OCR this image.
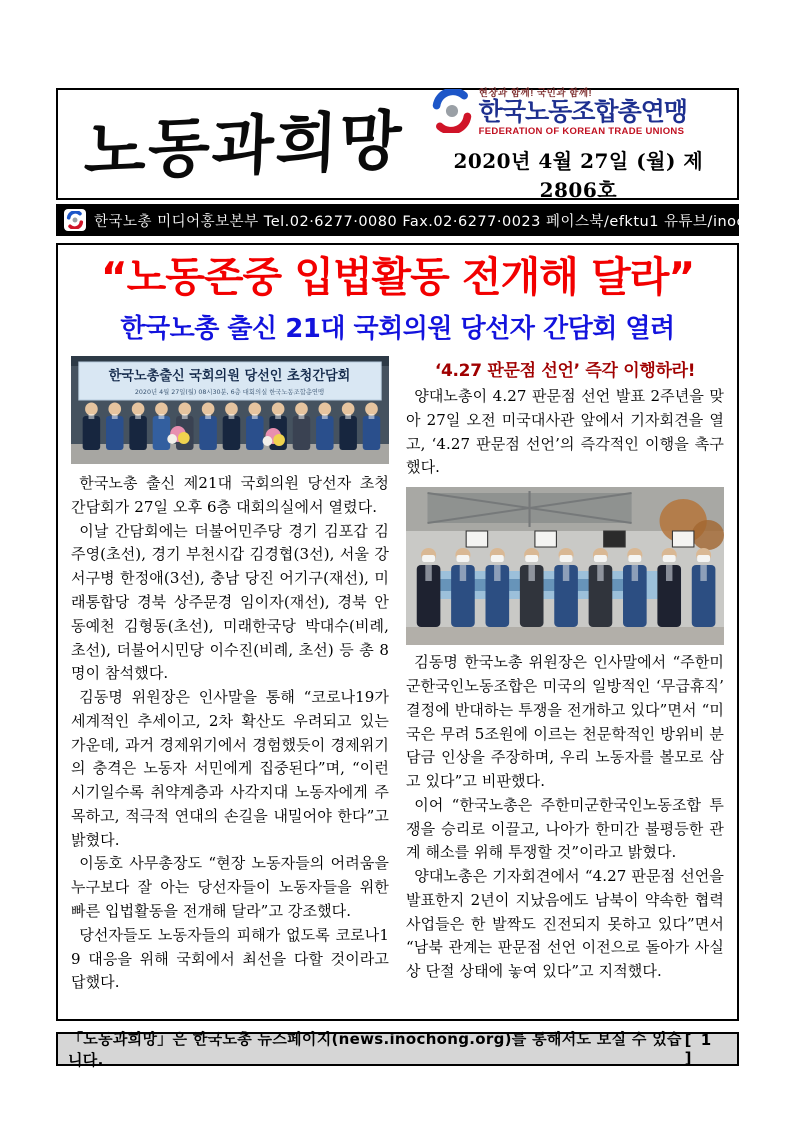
노동과희망
현장과 함께! 국민과 함께!
한국노동조합총연맹
FEDERATION OF KOREAN TRADE UNIONS
2020년 4월 27일 (월) 제2806호
한국노총 미디어홍보본부 Tel.02·6277·0080 Fax.02·6277·0023 페이스북/efktu1 유튜브/inochong
“노동존중 입법활동 전개해 달라”
한국노총 출신 21대 국회의원 당선자 간담회 열려
한국노총출신 국회의원 당선인 초청간담회
2020년 4월 27일(월) 08시30분, 6층 대회의실 한국노동조합총연맹

한국노총 출신 제21대 국회의원 당선자 초청 간담회가 27일 오후 6층 대회의실에서 열렸다.

이날 간담회에는 더불어민주당 경기 김포갑 김주영(초선), 경기 부천시갑 김경협(3선), 서울 강서구병 한정애(3선), 충남 당진 어기구(재선), 미래통합당 경북 상주문경 임이자(재선), 경북 안동예천 김형동(초선), 미래한국당 박대수(비례, 초선), 더불어시민당 이수진(비례, 초선) 등 총 8명이 참석했다.

김동명 위원장은 인사말을 통해 “코로나19가 세계적인 추세이고, 2차 확산도 우려되고 있는 가운데, 과거 경제위기에서 경험했듯이 경제위기의 충격은 노동자 서민에게 집중된다”며, “이런 시기일수록 취약계층과 사각지대 노동자에게 주목하고, 적극적 연대의 손길을 내밀어야 한다”고 밝혔다.

이동호 사무총장도 “현장 노동자들의 어려움을 누구보다 잘 아는 당선자들이 노동자들을 위한 빠른 입법활동을 전개해 달라”고 강조했다.

당선자들도 노동자들의 피해가 없도록 코로나19 대응을 위해 국회에서 최선을 다할 것이라고 답했다.

‘4.27 판문점 선언’ 즉각 이행하라!

양대노총이 4.27 판문점 선언 발표 2주년을 맞아 27일 오전 미국대사관 앞에서 기자회견을 열고, ‘4.27 판문점 선언’의 즉각적인 이행을 촉구했다.

김동명 한국노총 위원장은 인사말에서 “주한미군한국인노동조합은 미국의 일방적인 ‘무급휴직’ 결정에 반대하는 투쟁을 전개하고 있다”면서 “미국은 무려 5조원에 이르는 천문학적인 방위비 분담금 인상을 주장하며, 우리 노동자를 볼모로 삼고 있다”고 비판했다.

이어 “한국노총은 주한미군한국인노동조합 투쟁을 승리로 이끌고, 나아가 한미간 불평등한 관계 해소를 위해 투쟁할 것”이라고 밝혔다.

양대노총은 기자회견에서 “4.27 판문점 선언을 발표한지 2년이 지났음에도 남북이 약속한 협력 사업들은 한 발짝도 진전되지 못하고 있다”면서 “남북 관계는 판문점 선언 이전으로 돌아가 사실상 단절 상태에 놓여 있다”고 지적했다.

「노동과희망」은 한국노총 뉴스페이지(news.inochong.org)를 통해서도 보실 수 있습니다.
[ 1 ]
